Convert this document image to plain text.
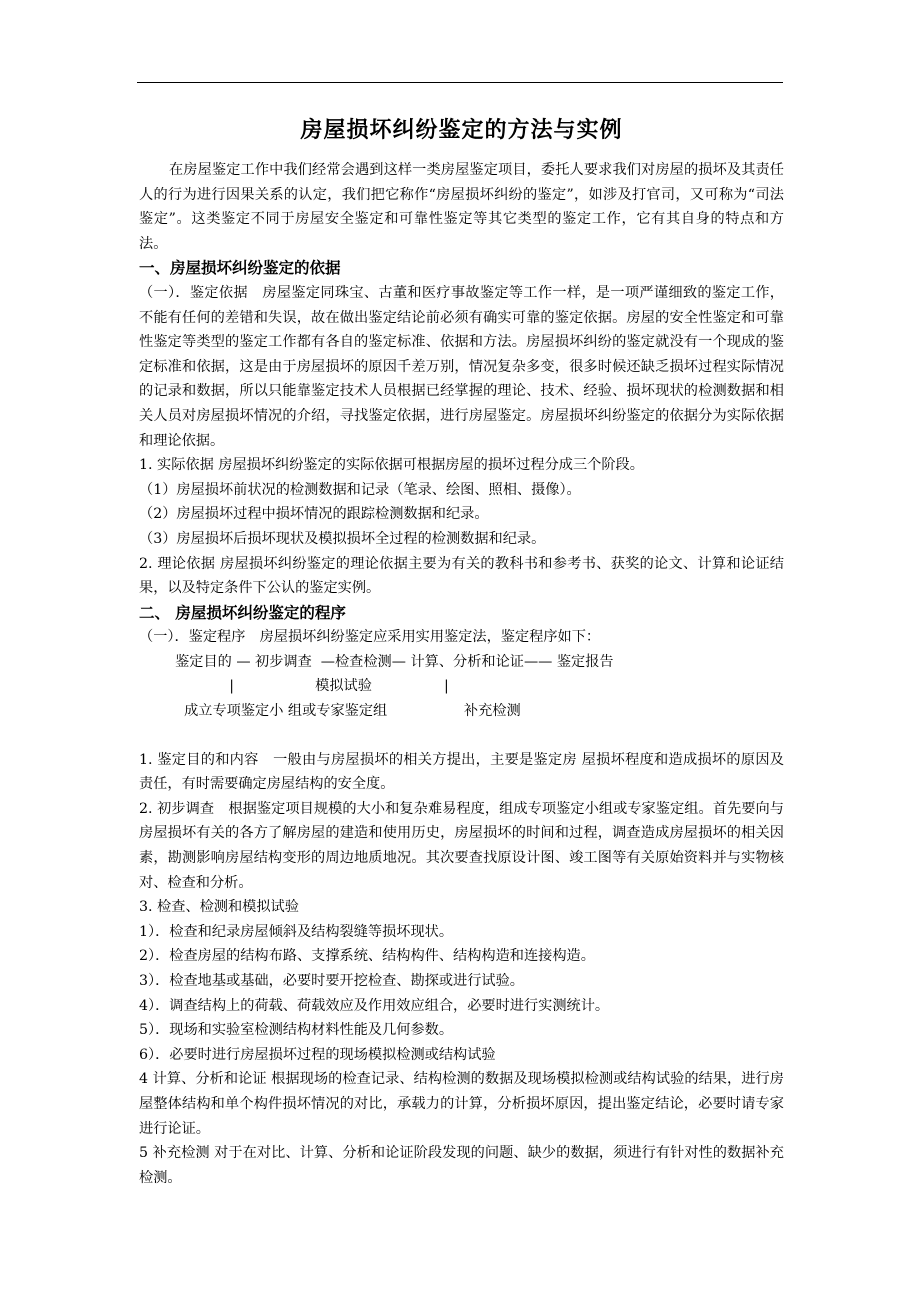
房屋损坏纠纷鉴定的方法与实例

在房屋鉴定工作中我们经常会遇到这样一类房屋鉴定项目，委托人要求我们对房屋的损坏及其责任人的行为进行因果关系的认定，我们把它称作“房屋损坏纠纷的鉴定”，如涉及打官司，又可称为“司法鉴定”。这类鉴定不同于房屋安全鉴定和可靠性鉴定等其它类型的鉴定工作，它有其自身的特点和方法。

一、房屋损坏纠纷鉴定的依据

（一）．鉴定依据　房屋鉴定同珠宝、古董和医疗事故鉴定等工作一样，是一项严谨细致的鉴定工作，不能有任何的差错和失误，故在做出鉴定结论前必须有确实可靠的鉴定依据。房屋的安全性鉴定和可靠性鉴定等类型的鉴定工作都有各自的鉴定标准、依据和方法。房屋损坏纠纷的鉴定就没有一个现成的鉴定标准和依据，这是由于房屋损坏的原因千差万别，情况复杂多变，很多时候还缺乏损坏过程实际情况的记录和数据，所以只能靠鉴定技术人员根据已经掌握的理论、技术、经验、损坏现状的检测数据和相关人员对房屋损坏情况的介绍，寻找鉴定依据，进行房屋鉴定。房屋损坏纠纷鉴定的依据分为实际依据和理论依据。

1. 实际依据 房屋损坏纠纷鉴定的实际依据可根据房屋的损坏过程分成三个阶段。

（1）房屋损坏前状况的检测数据和记录（笔录、绘图、照相、摄像）。

（2）房屋损坏过程中损坏情况的跟踪检测数据和纪录。

（3）房屋损坏后损坏现状及模拟损坏全过程的检测数据和纪录。

2. 理论依据 房屋损坏纠纷鉴定的理论依据主要为有关的教科书和参考书、获奖的论文、计算和论证结果，以及特定条件下公认的鉴定实例。

二、 房屋损坏纠纷鉴定的程序

（一）．鉴定程序　房屋损坏纠纷鉴定应采用实用鉴定法，鉴定程序如下：

鉴定目的 — 初步调查  —检查检测— 计算、分析和论证—— 鉴定报告

|                  模拟试验                |

成立专项鉴定小 组或专家鉴定组                 补充检测

1. 鉴定目的和内容　一般由与房屋损坏的相关方提出，主要是鉴定房 屋损坏程度和造成损坏的原因及责任，有时需要确定房屋结构的安全度。

2. 初步调查　根据鉴定项目规模的大小和复杂难易程度，组成专项鉴定小组或专家鉴定组。首先要向与房屋损坏有关的各方了解房屋的建造和使用历史，房屋损坏的时间和过程，调查造成房屋损坏的相关因素，勘测影响房屋结构变形的周边地质地况。其次要查找原设计图、竣工图等有关原始资料并与实物核对、检查和分析。

3. 检查、检测和模拟试验

1）．检查和纪录房屋倾斜及结构裂缝等损坏现状。

2）．检查房屋的结构布路、支撑系统、结构构件、结构构造和连接构造。

3）．检查地基或基础，必要时要开挖检查、勘探或进行试验。

4）．调查结构上的荷载、荷载效应及作用效应组合，必要时进行实测统计。

5）．现场和实验室检测结构材料性能及几何参数。

6）．必要时进行房屋损坏过程的现场模拟检测或结构试验

4 计算、分析和论证 根据现场的检查记录、结构检测的数据及现场模拟检测或结构试验的结果，进行房屋整体结构和单个构件损坏情况的对比，承载力的计算，分析损坏原因，提出鉴定结论，必要时请专家进行论证。

5 补充检测 对于在对比、计算、分析和论证阶段发现的问题、缺少的数据，须进行有针对性的数据补充检测。
